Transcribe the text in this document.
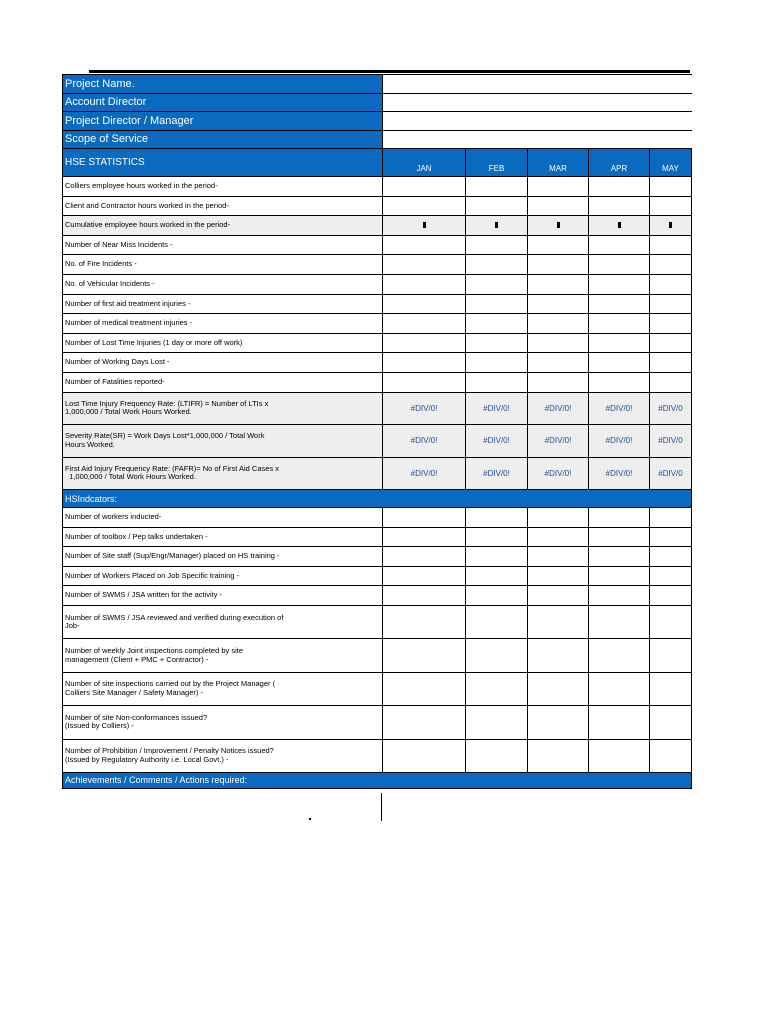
Project Name.					
Account Director					
Project Director / Manager					
Scope of Service					
HSE STATISTICS	JAN	FEB	MAR	APR	MAY
Colliers employee hours worked in the period-					
Client and Contractor hours worked in the period-					
Cumulative employee hours worked in the period-					
Number of Near Miss Incidents -					
No. of Fire Incidents -					
No. of Vehicular Incidents -					
Number of first aid treatment injuries -					
Number of medical treatment injuries -					
Number of Lost Time Injuries (1 day or more off work)					
Number of Working Days Lost -					
Number of Fatalities reported-					

Lost Time Injury Frequency Rate: (LTIFR) = Number of LTIs x
1,000,000 / Total Work Hours Worked.	#DIV/0!	#DIV/0!	#DIV/0!	#DIV/0!	#DIV/0

Severity Rate(SR) = Work Days Lost*1,000,000 / Total Work
Hours Worked.	#DIV/0!	#DIV/0!	#DIV/0!	#DIV/0!	#DIV/0

First Aid Injury Frequency Rate: (FAFR)= No of First Aid Cases x
1,000,000 / Total Work Hours Worked.	#DIV/0!	#DIV/0!	#DIV/0!	#DIV/0!	#DIV/0
HSIndcators:					

Number of workers inducted-					

Number of toolbox / Pep talks undertaken -					

Number of Site staff (Sup/Engr/Manager) placed on HS training -					

Number of Workers Placed on Job Specific training -					

Number of SWMS / JSA written for the activity -					

Number of SWMS / JSA reviewed and verified during execution of
Job-					

Number of weekly Joint inspections completed by site
management (Client + PMC + Contractor) -					

Number of site inspections carried out by the Project Manager (
Colliers Site Manager / Safety Manager) -					

Number of site Non-conformances issued?
(Issued by Colliers) -					

Number of Prohibition / Improvement / Penalty Notices issued?
(Issued by Regulatory Authority i.e. Local Govt.) -					

Achievements / Comments / Actions required:					
